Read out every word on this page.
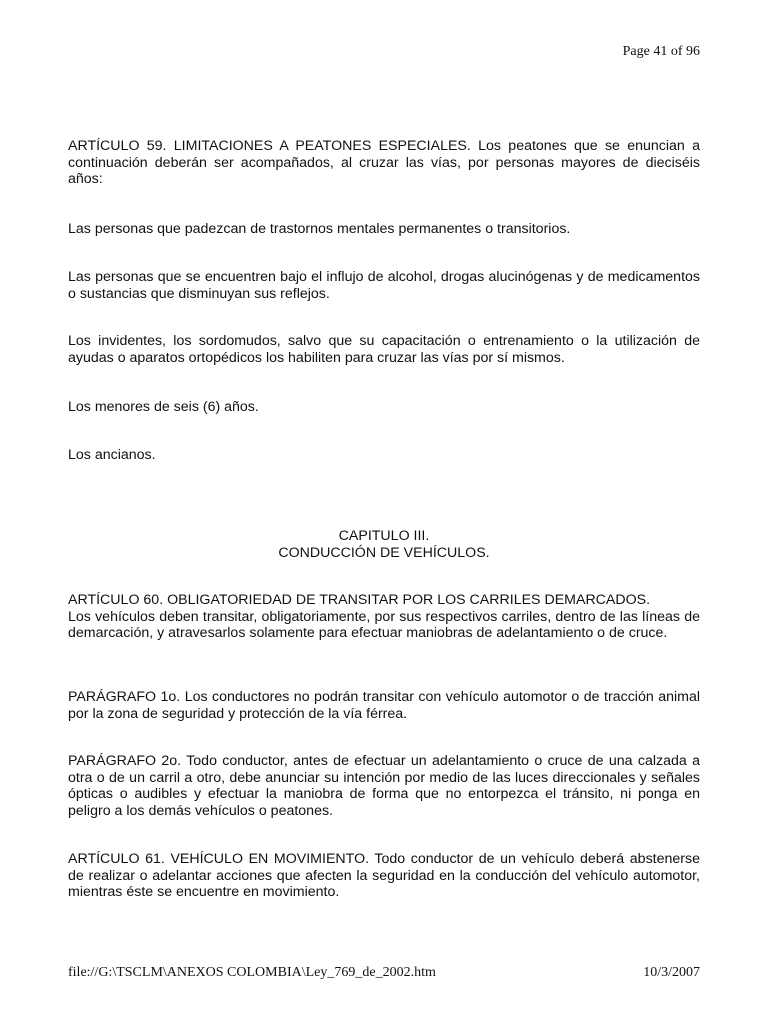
Page 41 of 96

ARTÍCULO 59. LIMITACIONES A PEATONES ESPECIALES. Los peatones que se enuncian a continuación deberán ser acompañados, al cruzar las vías, por personas mayores de dieciséis años:

Las personas que padezcan de trastornos mentales permanentes o transitorios.

Las personas que se encuentren bajo el influjo de alcohol, drogas alucinógenas y de medicamentos o sustancias que disminuyan sus reflejos.

Los invidentes, los sordomudos, salvo que su capacitación o entrenamiento o la utilización de ayudas o aparatos ortopédicos los habiliten para cruzar las vías por sí mismos.

Los menores de seis (6) años.

Los ancianos.

CAPITULO III.
CONDUCCIÓN DE VEHÍCULOS.
ARTÍCULO 60. OBLIGATORIEDAD DE TRANSITAR POR LOS CARRILES DEMARCADOS.
Los vehículos deben transitar, obligatoriamente, por sus respectivos carriles, dentro de las líneas de demarcación, y atravesarlos solamente para efectuar maniobras de adelantamiento o de cruce.

PARÁGRAFO 1o. Los conductores no podrán transitar con vehículo automotor o de tracción animal por la zona de seguridad y protección de la vía férrea.

PARÁGRAFO 2o. Todo conductor, antes de efectuar un adelantamiento o cruce de una calzada a otra o de un carril a otro, debe anunciar su intención por medio de las luces direccionales y señales ópticas o audibles y efectuar la maniobra de forma que no entorpezca el tránsito, ni ponga en peligro a los demás vehículos o peatones.

ARTÍCULO 61. VEHÍCULO EN MOVIMIENTO. Todo conductor de un vehículo deberá abstenerse de realizar o adelantar acciones que afecten la seguridad en la conducción del vehículo automotor, mientras éste se encuentre en movimiento.

file://G:\TSCLM\ANEXOS COLOMBIA\Ley_769_de_2002.htm	10/3/2007
